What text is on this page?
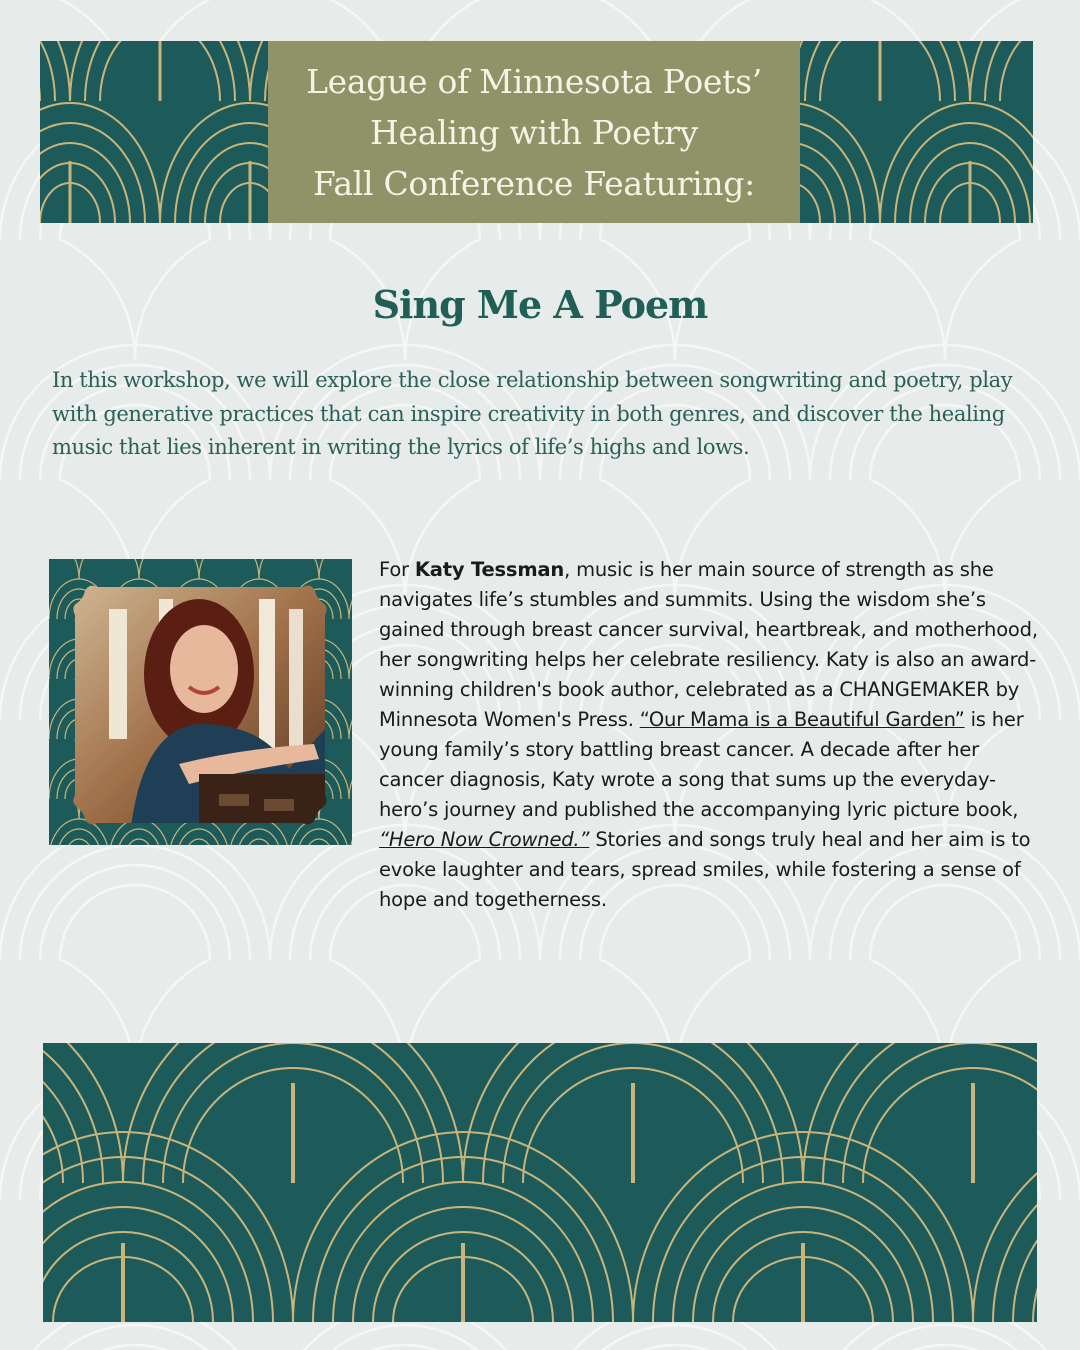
League of Minnesota Poets’
Healing with Poetry
Fall Conference Featuring:
Sing Me A Poem

In this workshop, we will explore the close relationship between songwriting and poetry, play with generative practices that can inspire creativity in both genres, and discover the healing music that lies inherent in writing the lyrics of life’s highs and lows.

For Katy Tessman, music is her main source of strength as she navigates life’s stumbles and summits. Using the wisdom she’s gained through breast cancer survival, heartbreak, and motherhood, her songwriting helps her celebrate resiliency. Katy is also an award-winning children's book author, celebrated as a CHANGEMAKER by Minnesota Women's Press. “Our Mama is a Beautiful Garden” is her young family’s story battling breast cancer. A decade after her cancer diagnosis, Katy wrote a song that sums up the everyday-hero’s journey and published the accompanying lyric picture book, “Hero Now Crowned.” Stories and songs truly heal and her aim is to evoke laughter and tears, spread smiles, while fostering a sense of hope and togetherness.
